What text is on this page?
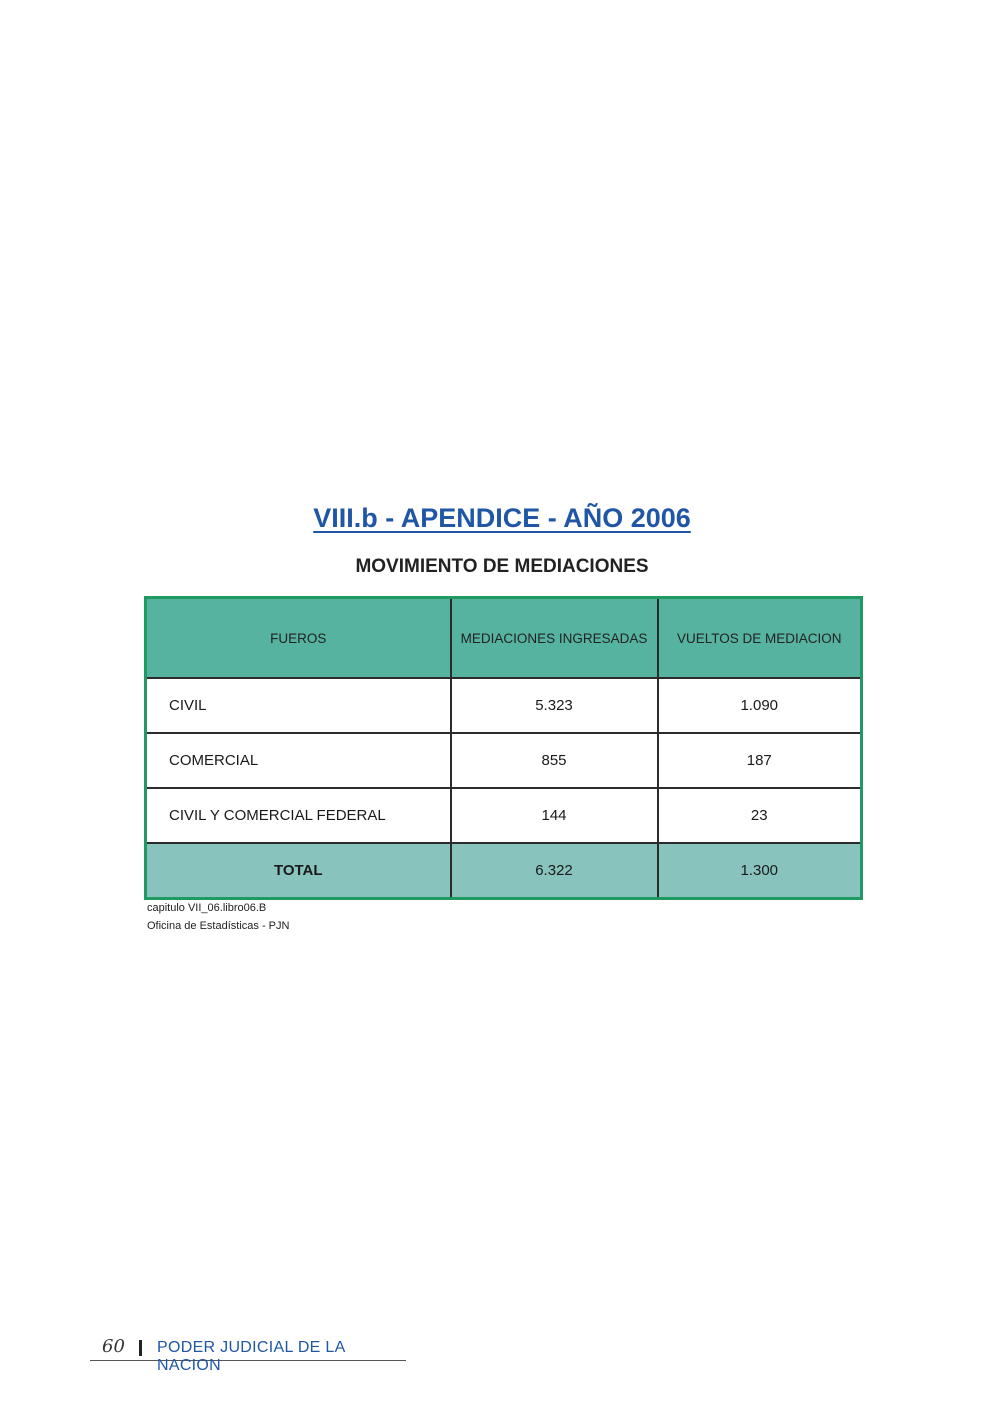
VIII.b - APENDICE - AÑO 2006
MOVIMIENTO DE MEDIACIONES
FUEROS	MEDIACIONES INGRESADAS	VUELTOS DE MEDIACION
CIVIL	5.323	1.090
COMERCIAL	855	187
CIVIL Y COMERCIAL FEDERAL	144	23
TOTAL	6.322	1.300
capitulo VII_06.libro06.B
Oficina de Estadísticas - PJN
60 PODER JUDICIAL DE LA NACION
